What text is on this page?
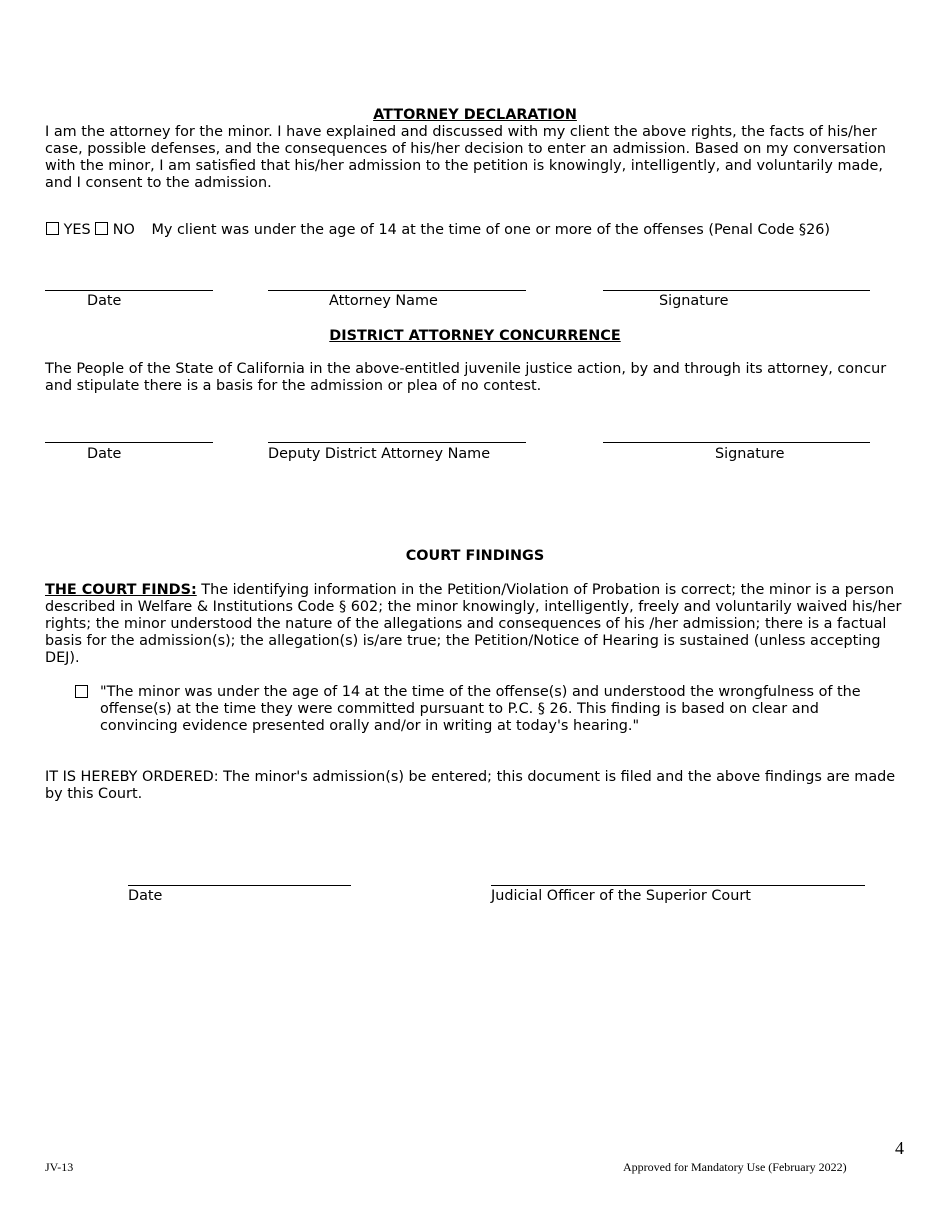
ATTORNEY DECLARATION
I am the attorney for the minor. I have explained and discussed with my client the above rights, the facts of his/her case, possible defenses, and the consequences of his/her decision to enter an admission. Based on my conversation with the minor, I am satisfied that his/her admission to the petition is knowingly, intelligently, and voluntarily made, and I consent to the admission.
YES NO My client was under the age of 14 at the time of one or more of the offenses (Penal Code §26)
Date	Attorney Name	Signature
DISTRICT ATTORNEY CONCURRENCE
The People of the State of California in the above-entitled juvenile justice action, by and through its attorney, concur and stipulate there is a basis for the admission or plea of no contest.
Date	Deputy District Attorney Name	Signature
COURT FINDINGS
THE COURT FINDS: The identifying information in the Petition/Violation of Probation is correct; the minor is a person described in Welfare & Institutions Code § 602; the minor knowingly, intelligently, freely and voluntarily waived his/her rights; the minor understood the nature of the allegations and consequences of his /her admission; there is a factual basis for the admission(s); the allegation(s) is/are true; the Petition/Notice of Hearing is sustained (unless accepting DEJ).
"The minor was under the age of 14 at the time of the offense(s) and understood the wrongfulness of the offense(s) at the time they were committed pursuant to P.C. § 26. This finding is based on clear and convincing evidence presented orally and/or in writing at today's hearing."
IT IS HEREBY ORDERED: The minor's admission(s) be entered; this document is filed and the above findings are made by this Court.
Date	Judicial Officer of the Superior Court
4
JV-13	Approved for Mandatory Use (February 2022)
